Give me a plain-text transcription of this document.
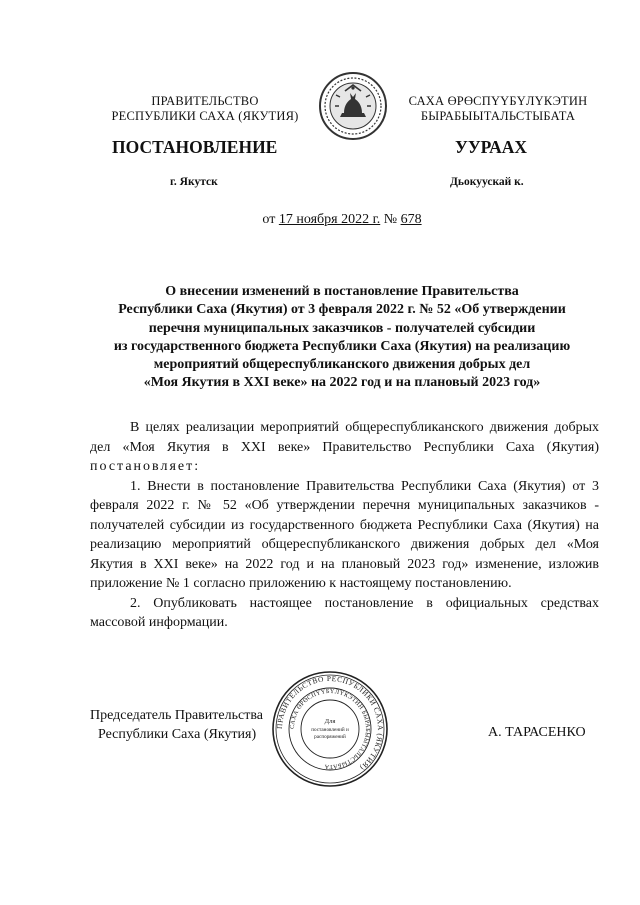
ПРАВИТЕЛЬСТВО
РЕСПУБЛИКИ САХА (ЯКУТИЯ)
САХА ӨРӨСПҮҮБҮЛҮКЭТИН
БЫРАБЫЫТАЛЬСТЫБАТА
ПОСТАНОВЛЕНИЕ	УУРААХ
г. Якутск	Дьокуускай к.
от 17 ноября 2022 г. № 678
О внесении изменений в постановление Правительства
Республики Саха (Якутия) от 3 февраля 2022 г. № 52 «Об утверждении
перечня муниципальных заказчиков - получателей субсидии
из государственного бюджета Республики Саха (Якутия) на реализацию
мероприятий общереспубликанского движения добрых дел
«Моя Якутия в XXI веке» на 2022 год и на плановый 2023 год»

В целях реализации мероприятий общереспубликанского движения добрых дел «Моя Якутия в XXI веке» Правительство Республики Саха (Якутия) постановляет:

1. Внести в постановление Правительства Республики Саха (Якутия) от 3 февраля 2022 г. № 52 «Об утверждении перечня муниципальных заказчиков - получателей субсидии из государственного бюджета Республики Саха (Якутия) на реализацию мероприятий общереспубликанского движения добрых дел «Моя Якутия в XXI веке» на 2022 год и на плановый 2023 год» изменение, изложив приложение № 1 согласно приложению к настоящему постановлению.

2. Опубликовать настоящее постановление в официальных средствах массовой информации.

Председатель Правительства
Республики Саха (Якутия)
ПРАВИТЕЛЬСТВО РЕСПУБЛИКИ САХА (ЯКУТИЯ)
САХА ӨРӨСПҮҮБҮЛҮКЭТИН БЫРАБЫЫТАЛЬСТЫБАТА
Для
постановлений и
распоряжений	А. ТАРАСЕНКО
